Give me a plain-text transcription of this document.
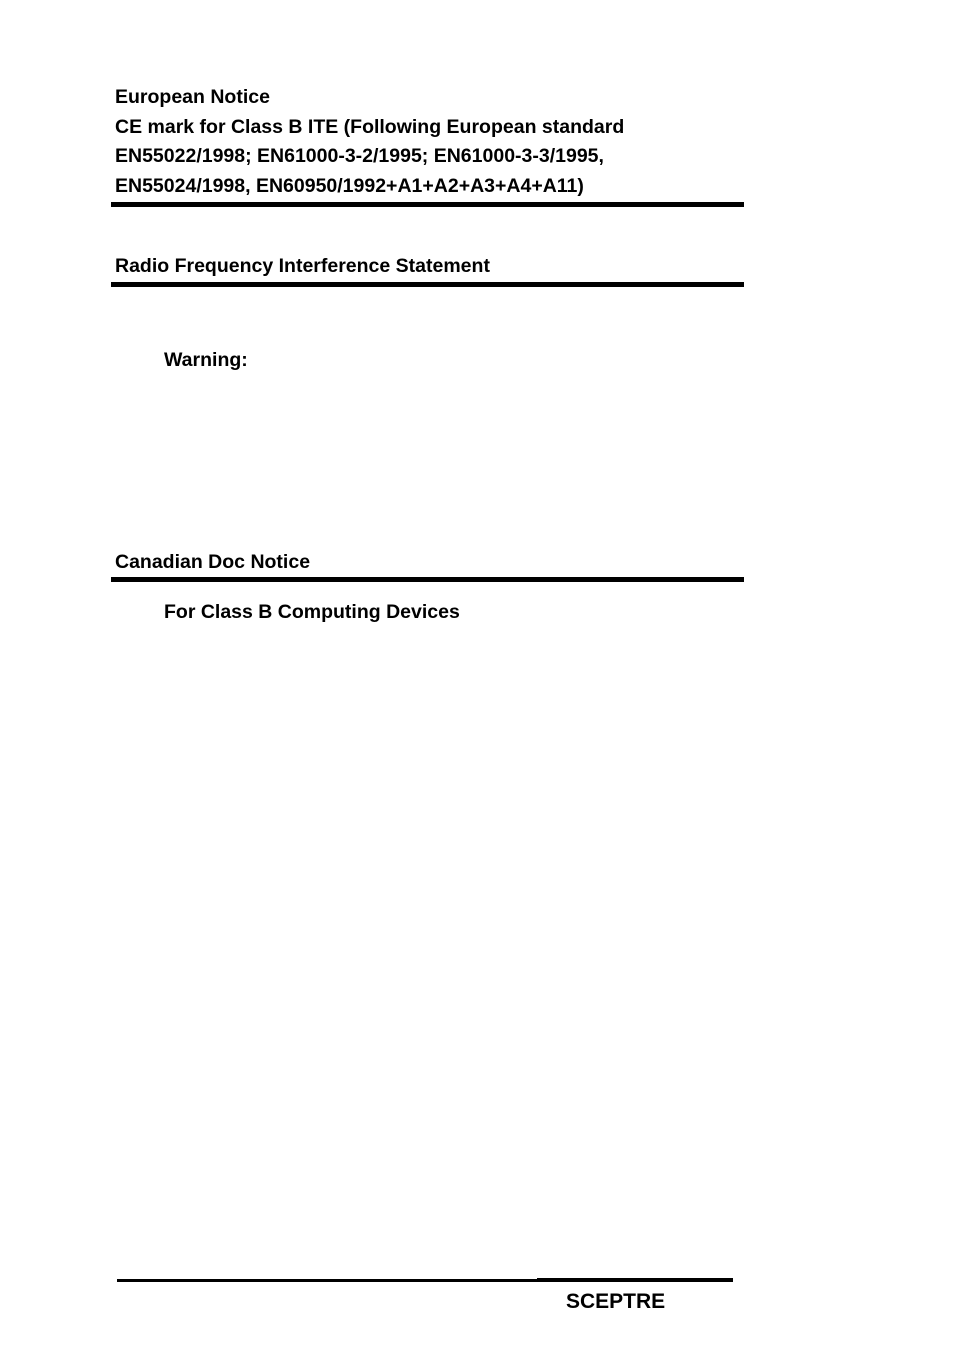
European Notice
CE mark for Class B ITE (Following European standard
EN55022/1998; EN61000-3-2/1995; EN61000-3-3/1995,
EN55024/1998, EN60950/1992+A1+A2+A3+A4+A11)
Radio Frequency Interference Statement
Warning:
Canadian Doc Notice
For Class B Computing Devices
SCEPTRE
